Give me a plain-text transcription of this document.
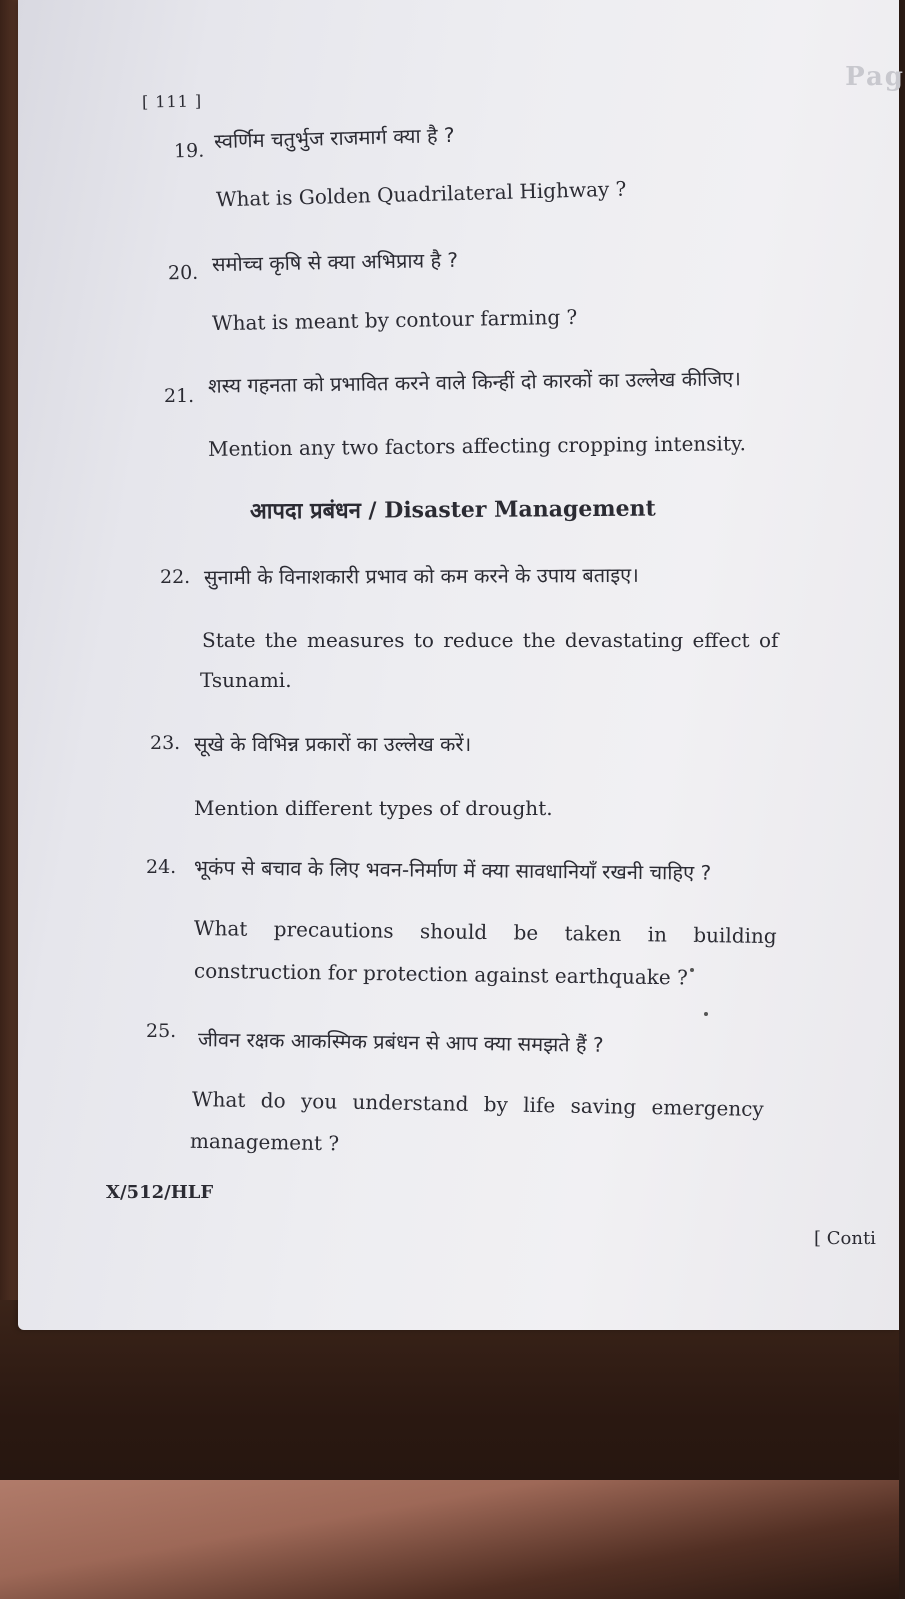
Pag
[ 111 ]
19. स्वर्णिम चतुर्भुज राजमार्ग क्या है ?
What is Golden Quadrilateral Highway ?
20. समोच्च कृषि से क्या अभिप्राय है ?
What is meant by contour farming ?
21. शस्य गहनता को प्रभावित करने वाले किन्हीं दो कारकों का उल्लेख कीजिए।
Mention any two factors affecting cropping intensity.
आपदा प्रबंधन / Disaster Management
22. सुनामी के विनाशकारी प्रभाव को कम करने के उपाय बताइए।
State the measures to reduce the devastating effect of
Tsunami.
23. सूखे के विभिन्न प्रकारों का उल्लेख करें।
Mention different types of drought.
24. भूकंप से बचाव के लिए भवन-निर्माण में क्या सावधानियाँ रखनी चाहिए ?
What precautions should be taken in building
construction for protection against earthquake ?
25. जीवन रक्षक आकस्मिक प्रबंधन से आप क्या समझते हैं ?
What do you understand by life saving emergency
management ?
X/512/HLF
[ Conti
